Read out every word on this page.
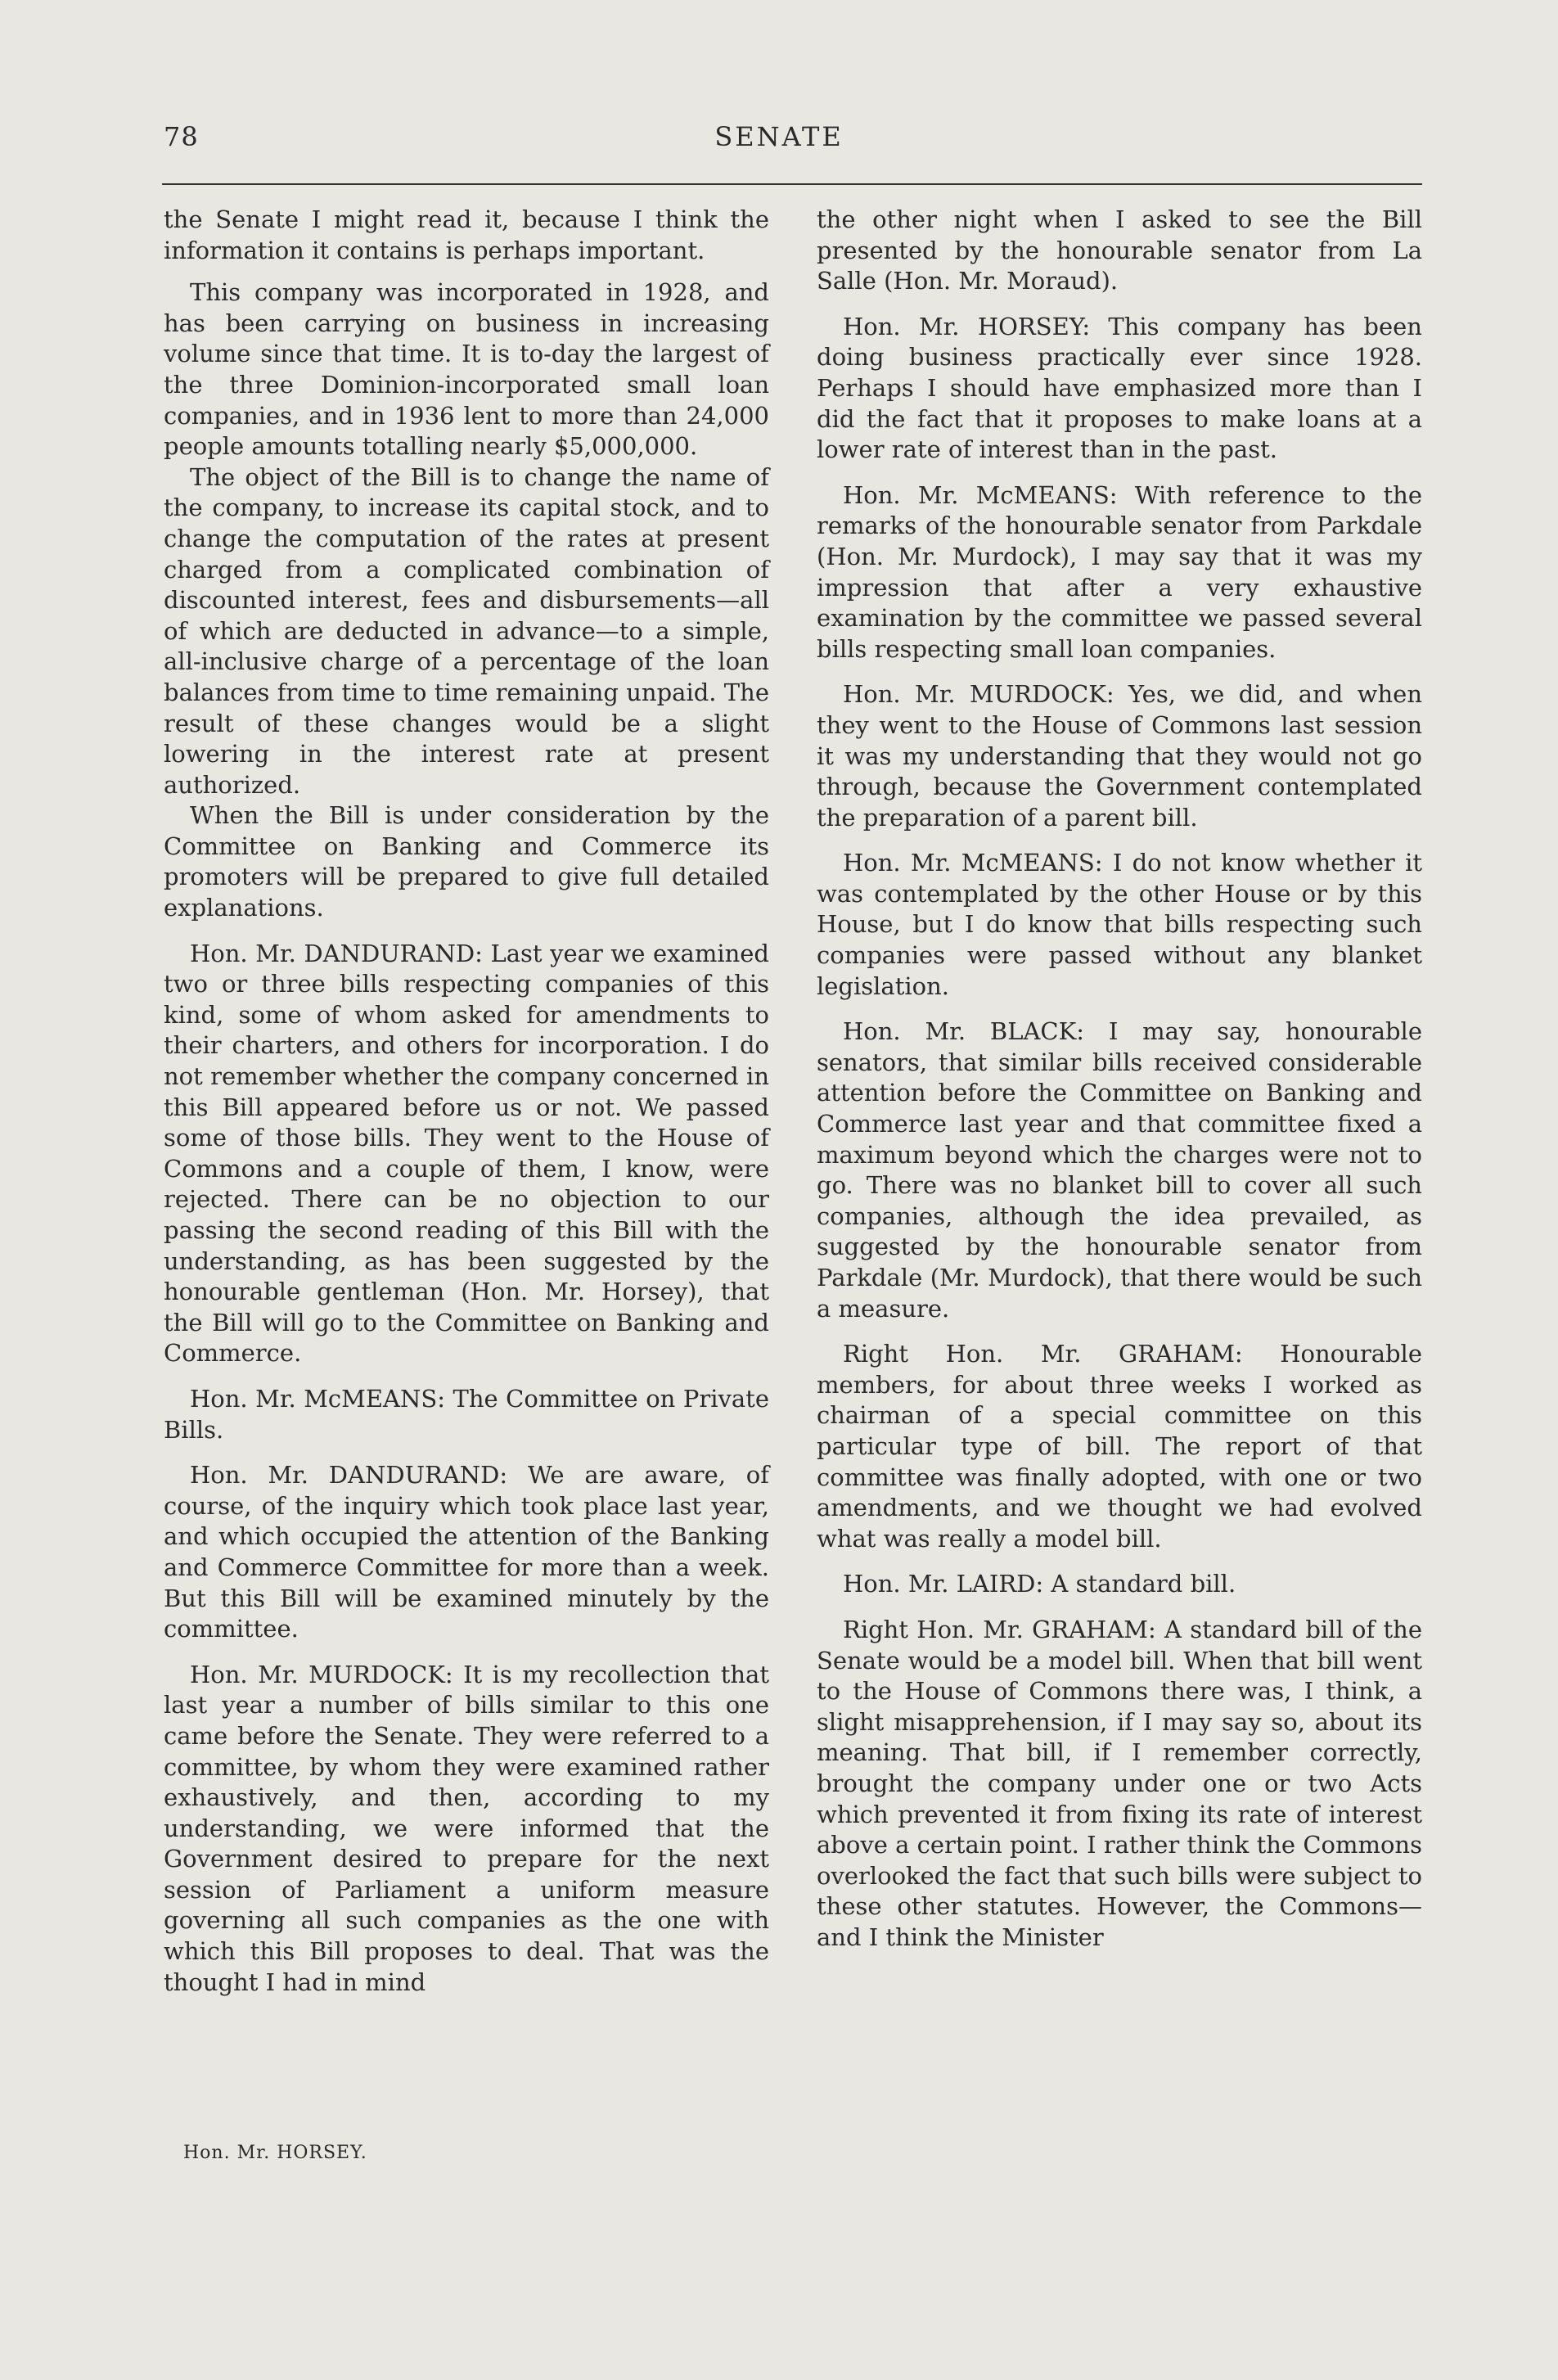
78	SENATE

the Senate I might read it, because I think the information it contains is perhaps important.

This company was incorporated in 1928, and has been carrying on business in increasing volume since that time. It is to-day the largest of the three Dominion-incorporated small loan companies, and in 1936 lent to more than 24,000 people amounts totalling nearly $5,000,000.

The object of the Bill is to change the name of the company, to increase its capital stock, and to change the computation of the rates at present charged from a complicated combination of discounted interest, fees and disbursements—all of which are deducted in advance—to a simple, all-inclusive charge of a percentage of the loan balances from time to time remaining unpaid. The result of these changes would be a slight lowering in the interest rate at present authorized.

When the Bill is under consideration by the Committee on Banking and Commerce its promoters will be prepared to give full detailed explanations.

Hon. Mr. DANDURAND: Last year we examined two or three bills respecting companies of this kind, some of whom asked for amendments to their charters, and others for incorporation. I do not remember whether the company concerned in this Bill appeared before us or not. We passed some of those bills. They went to the House of Commons and a couple of them, I know, were rejected. There can be no objection to our passing the second reading of this Bill with the understanding, as has been suggested by the honourable gentleman (Hon. Mr. Horsey), that the Bill will go to the Committee on Banking and Commerce.

Hon. Mr. McMEANS: The Committee on Private Bills.

Hon. Mr. DANDURAND: We are aware, of course, of the inquiry which took place last year, and which occupied the attention of the Banking and Commerce Committee for more than a week. But this Bill will be examined minutely by the committee.

Hon. Mr. MURDOCK: It is my recollection that last year a number of bills similar to this one came before the Senate. They were referred to a committee, by whom they were examined rather exhaustively, and then, according to my understanding, we were informed that the Government desired to prepare for the next session of Parliament a uniform measure governing all such companies as the one with which this Bill proposes to deal. That was the thought I had in mind

the other night when I asked to see the Bill presented by the honourable senator from La Salle (Hon. Mr. Moraud).

Hon. Mr. HORSEY: This company has been doing business practically ever since 1928. Perhaps I should have emphasized more than I did the fact that it proposes to make loans at a lower rate of interest than in the past.

Hon. Mr. McMEANS: With reference to the remarks of the honourable senator from Parkdale (Hon. Mr. Murdock), I may say that it was my impression that after a very exhaustive examination by the committee we passed several bills respecting small loan companies.

Hon. Mr. MURDOCK: Yes, we did, and when they went to the House of Commons last session it was my understanding that they would not go through, because the Government contemplated the preparation of a parent bill.

Hon. Mr. McMEANS: I do not know whether it was contemplated by the other House or by this House, but I do know that bills respecting such companies were passed without any blanket legislation.

Hon. Mr. BLACK: I may say, honourable senators, that similar bills received considerable attention before the Committee on Banking and Commerce last year and that committee fixed a maximum beyond which the charges were not to go. There was no blanket bill to cover all such companies, although the idea prevailed, as suggested by the honourable senator from Parkdale (Mr. Murdock), that there would be such a measure.

Right Hon. Mr. GRAHAM: Honourable members, for about three weeks I worked as chairman of a special committee on this particular type of bill. The report of that committee was finally adopted, with one or two amendments, and we thought we had evolved what was really a model bill.

Hon. Mr. LAIRD: A standard bill.

Right Hon. Mr. GRAHAM: A standard bill of the Senate would be a model bill. When that bill went to the House of Commons there was, I think, a slight misapprehension, if I may say so, about its meaning. That bill, if I remember correctly, brought the company under one or two Acts which prevented it from fixing its rate of interest above a certain point. I rather think the Commons overlooked the fact that such bills were subject to these other statutes. However, the Commons—and I think the Minister

Hon. Mr. HORSEY.
